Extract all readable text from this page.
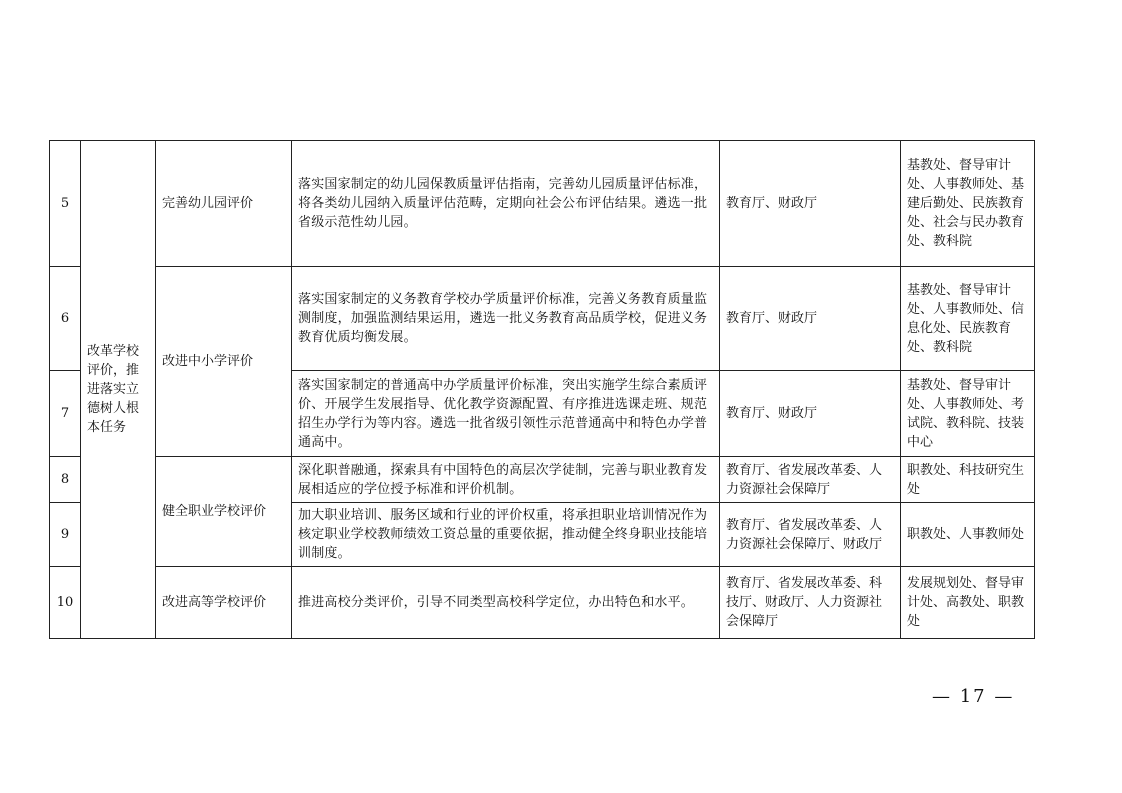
5	改革学校评价，推进落实立德树人根本任务	完善幼儿园评价	落实国家制定的幼儿园保教质量评估指南，完善幼儿园质量评估标准，将各类幼儿园纳入质量评估范畴，定期向社会公布评估结果。遴选一批省级示范性幼儿园。	教育厅、财政厅	基教处、督导审计处、人事教师处、基建后勤处、民族教育处、社会与民办教育处、教科院
6		改进中小学评价	落实国家制定的义务教育学校办学质量评价标准，完善义务教育质量监测制度，加强监测结果运用，遴选一批义务教育高品质学校，促进义务教育优质均衡发展。	教育厅、财政厅	基教处、督导审计处、人事教师处、信息化处、民族教育处、教科院
7			落实国家制定的普通高中办学质量评价标准，突出实施学生综合素质评价、开展学生发展指导、优化教学资源配置、有序推进选课走班、规范招生办学行为等内容。遴选一批省级引领性示范普通高中和特色办学普通高中。	教育厅、财政厅	基教处、督导审计处、人事教师处、考试院、教科院、技装中心
8		健全职业学校评价	深化职普融通，探索具有中国特色的高层次学徒制，完善与职业教育发展相适应的学位授予标准和评价机制。	教育厅、省发展改革委、人力资源社会保障厅	职教处、科技研究生处
9			加大职业培训、服务区域和行业的评价权重，将承担职业培训情况作为核定职业学校教师绩效工资总量的重要依据，推动健全终身职业技能培训制度。	教育厅、省发展改革委、人力资源社会保障厅、财政厅	职教处、人事教师处
10		改进高等学校评价	推进高校分类评价，引导不同类型高校科学定位，办出特色和水平。	教育厅、省发展改革委、科技厅、财政厅、人力资源社会保障厅	发展规划处、督导审计处、高教处、职教处
— 17 —
